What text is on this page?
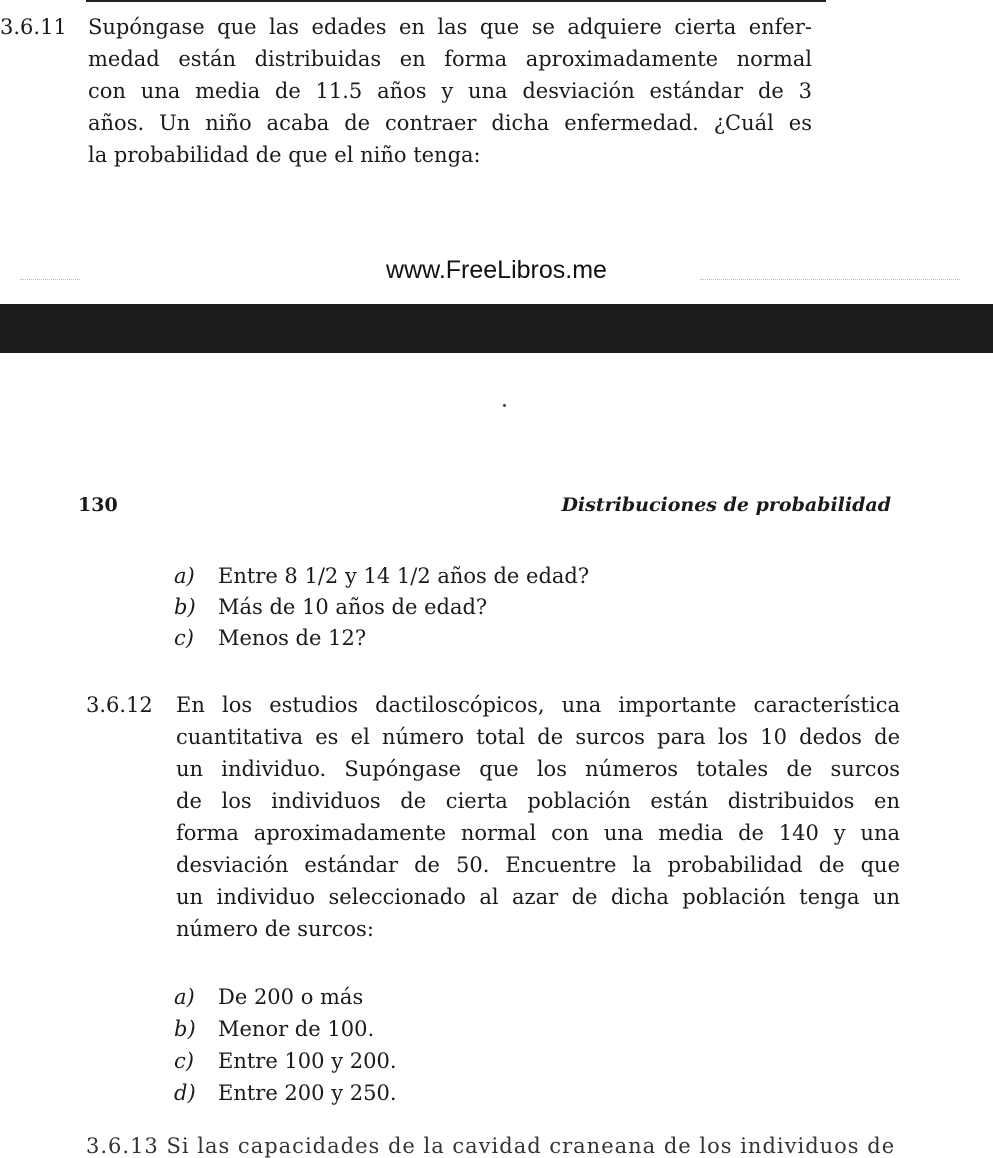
3.6.11 Supóngase que las edades en las que se adquiere cierta enfer-
medad están distribuidas en forma aproximadamente normal
con una media de 11.5 años y una desviación estándar de 3
años. Un niño acaba de contraer dicha enfermedad. ¿Cuál es
la probabilidad de que el niño tenga:
www.FreeLibros.me
130	Distribuciones de probabilidad
a) Entre 8 1/2 y 14 1/2 años de edad?
b) Más de 10 años de edad?
c) Menos de 12?
3.6.12 En los estudios dactiloscópicos, una importante característica
cuantitativa es el número total de surcos para los 10 dedos de
un individuo. Supóngase que los números totales de surcos
de los individuos de cierta población están distribuidos en
forma aproximadamente normal con una media de 140 y una
desviación estándar de 50. Encuentre la probabilidad de que
un individuo seleccionado al azar de dicha población tenga un
número de surcos:
a) De 200 o más
b) Menor de 100.
c) Entre 100 y 200.
d) Entre 200 y 250.
3.6.13 Si las capacidades de la cavidad craneana de los individuos de
